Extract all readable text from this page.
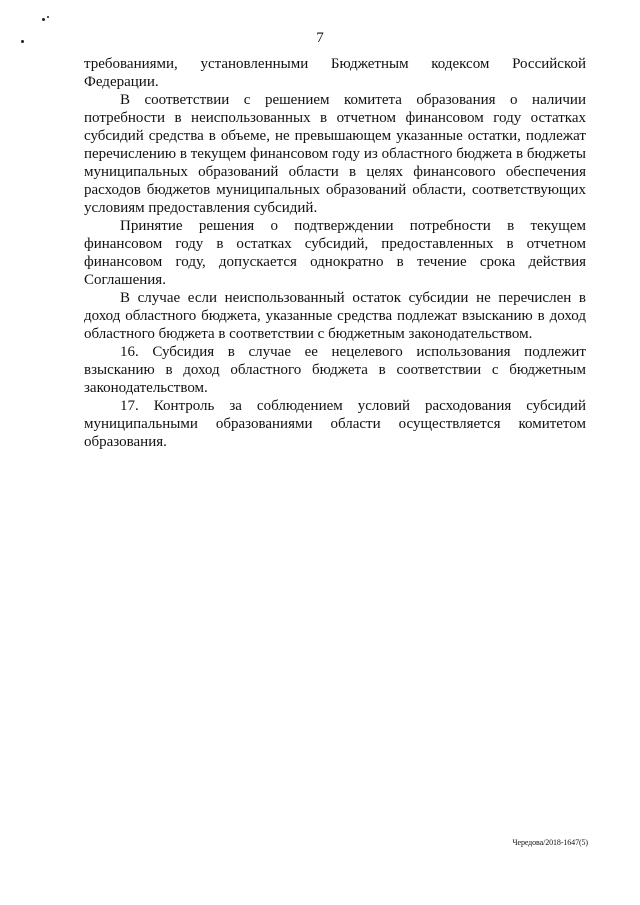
7

требованиями, установленными Бюджетным кодексом Российской Федерации.

В соответствии с решением комитета образования о наличии потребности в неиспользованных в отчетном финансовом году остатках субсидий средства в объеме, не превышающем указанные остатки, подлежат перечислению в текущем финансовом году из областного бюджета в бюджеты муниципальных образований области в целях финансового обеспечения расходов бюджетов муниципальных образований области, соответствующих условиям предоставления субсидий.

Принятие решения о подтверждении потребности в текущем финансовом году в остатках субсидий, предоставленных в отчетном финансовом году, допускается однократно в течение срока действия Соглашения.

В случае если неиспользованный остаток субсидии не перечислен в доход областного бюджета, указанные средства подлежат взысканию в доход областного бюджета в соответствии с бюджетным законодательством.

16. Субсидия в случае ее нецелевого использования подлежит взысканию в доход областного бюджета в соответствии с бюджетным законодательством.

17. Контроль за соблюдением условий расходования субсидий муниципальными образованиями области осуществляется комитетом образования.

Чередова/2018-1647(5)
